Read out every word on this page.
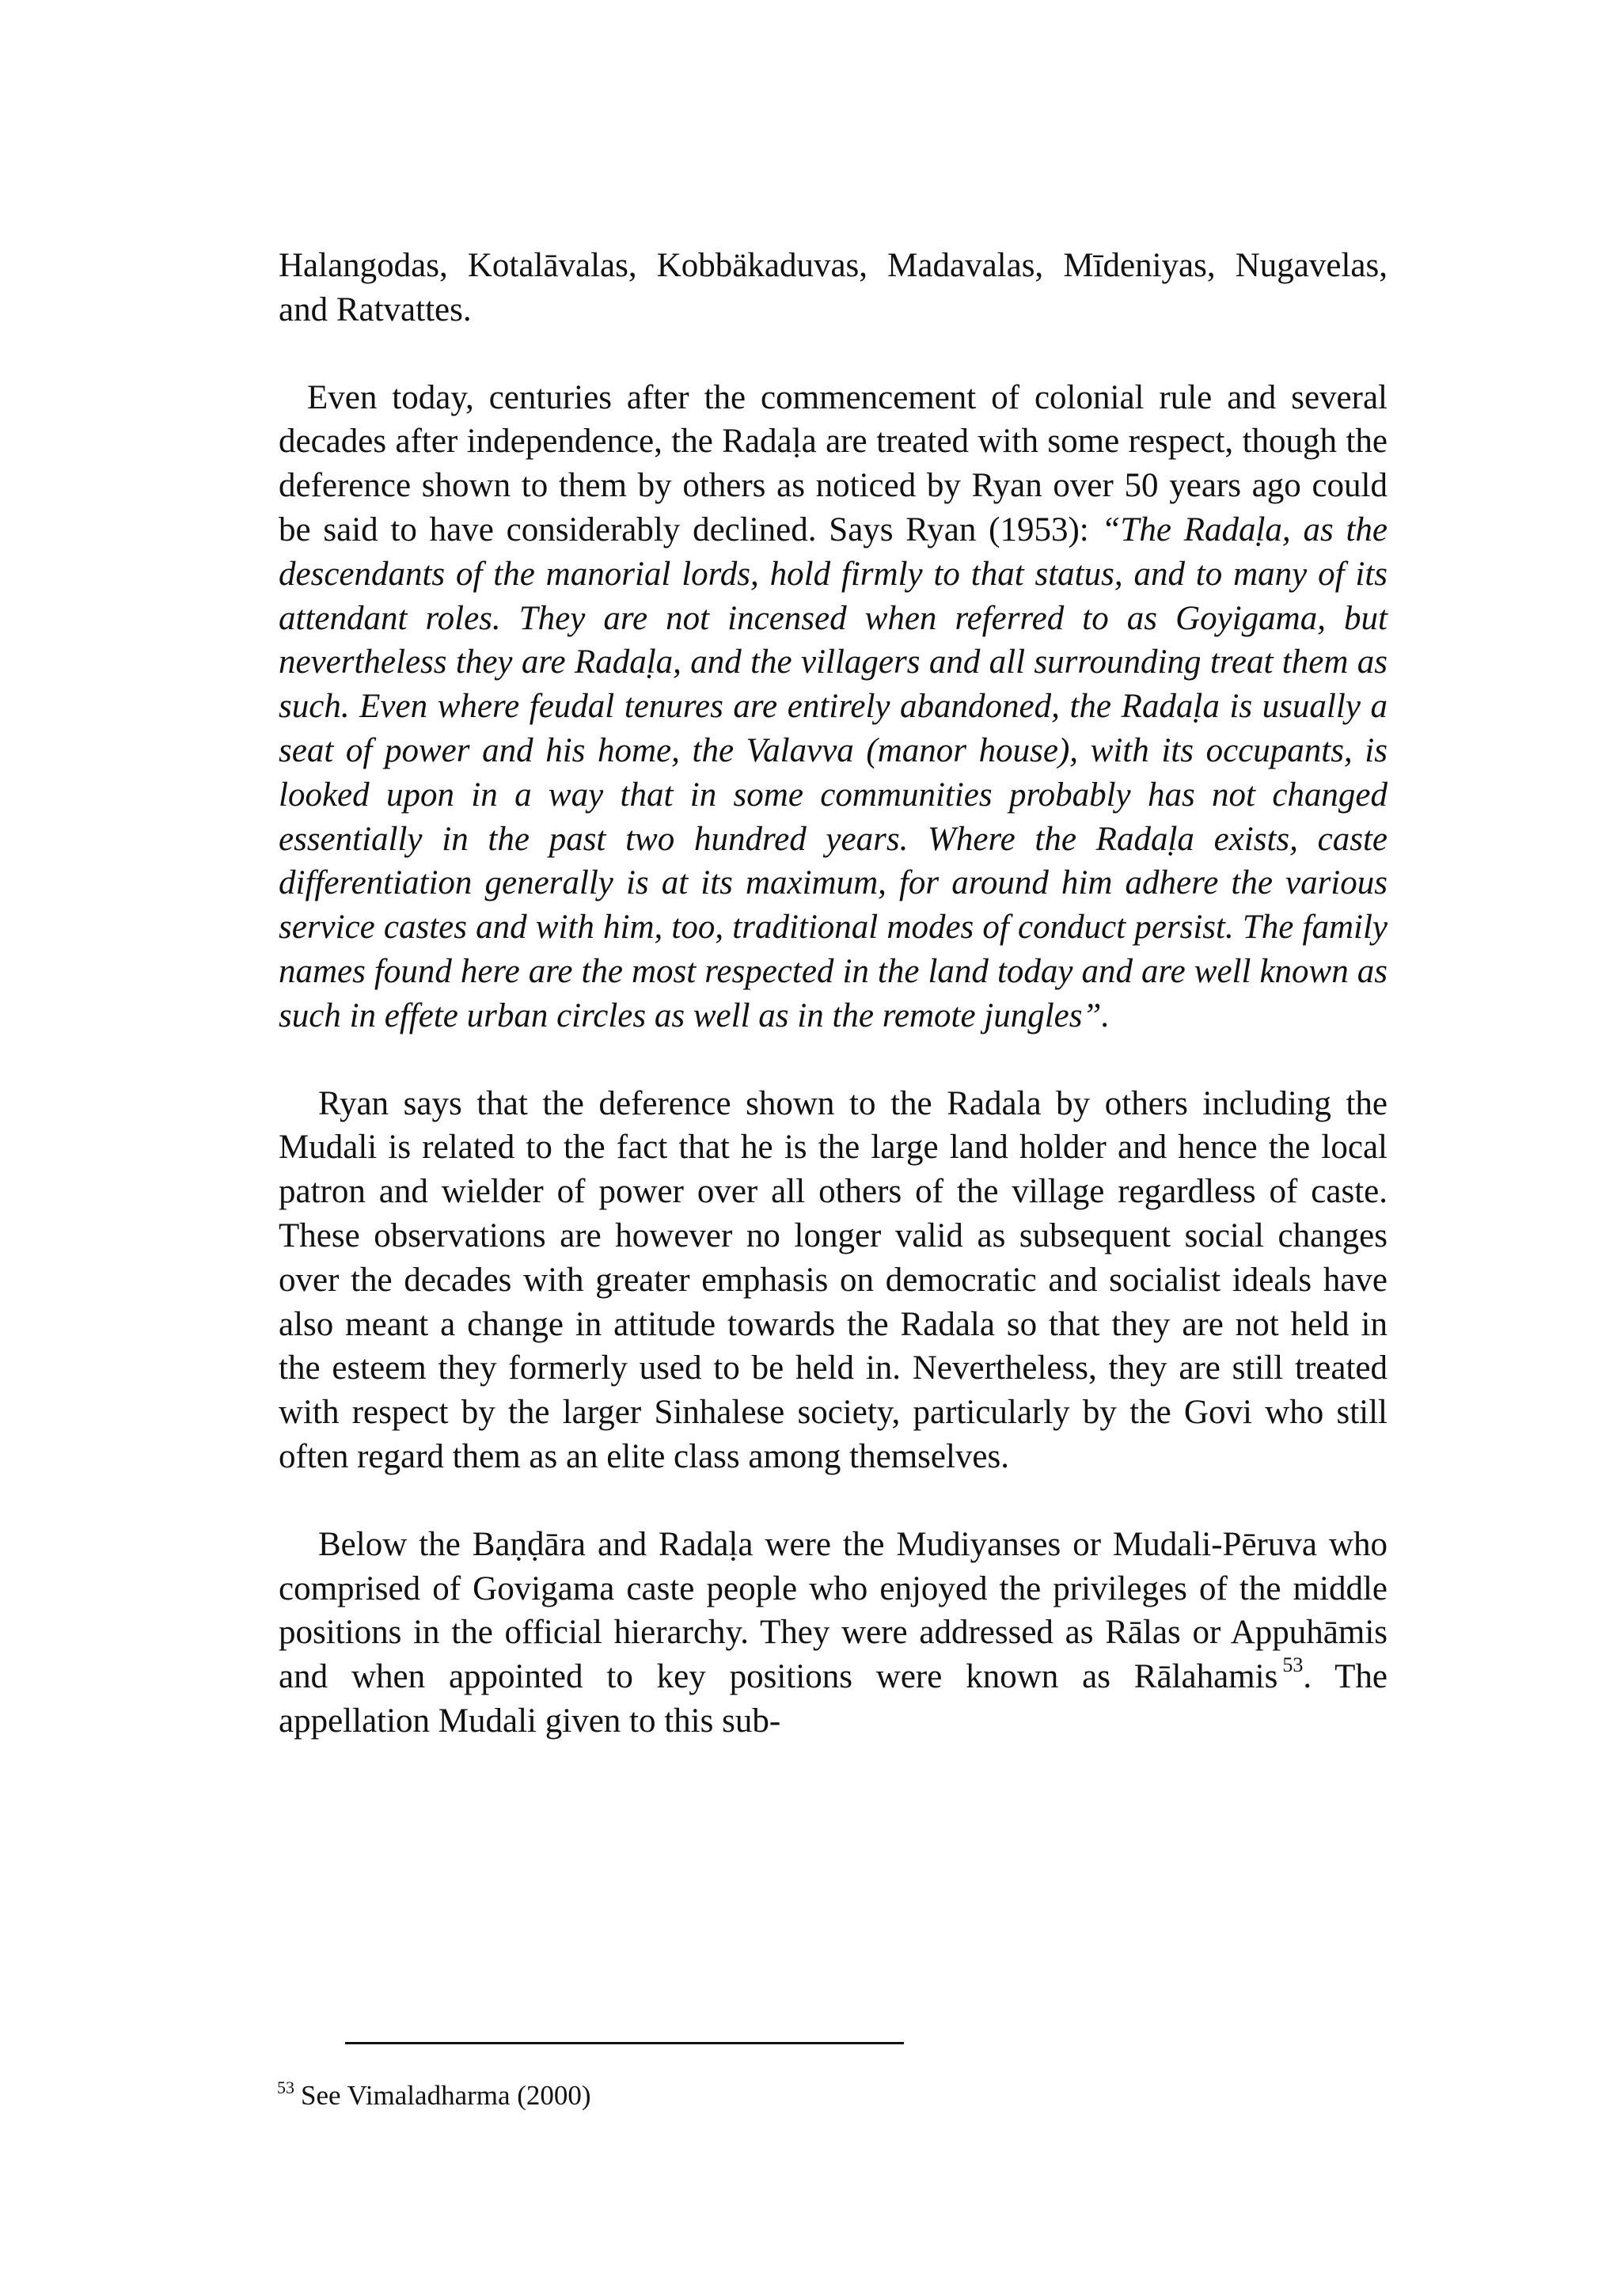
Halangodas, Kotalāvalas, Kobbäkaduvas, Madavalas, Mīdeniyas, Nugavelas, and Ratvattes.

Even today, centuries after the commencement of colonial rule and several decades after independence, the Radaḷa are treated with some respect, though the deference shown to them by others as noticed by Ryan over 50 years ago could be said to have considerably declined. Says Ryan (1953): “The Radaḷa, as the descendants of the manorial lords, hold firmly to that status, and to many of its attendant roles. They are not incensed when referred to as Goyigama, but nevertheless they are Radaḷa, and the villagers and all surrounding treat them as such. Even where feudal tenures are entirely abandoned, the Radaḷa is usually a seat of power and his home, the Valavva (manor house), with its occupants, is looked upon in a way that in some communities probably has not changed essentially in the past two hundred years. Where the Radaḷa exists, caste differentiation generally is at its maximum, for around him adhere the various service castes and with him, too, traditional modes of conduct persist. The family names found here are the most respected in the land today and are well known as such in effete urban circles as well as in the remote jungles”.

Ryan says that the deference shown to the Radala by others including the Mudali is related to the fact that he is the large land holder and hence the local patron and wielder of power over all others of the village regardless of caste. These observations are however no longer valid as subsequent social changes over the decades with greater emphasis on democratic and socialist ideals have also meant a change in attitude towards the Radala so that they are not held in the esteem they formerly used to be held in. Nevertheless, they are still treated with respect by the larger Sinhalese society, particularly by the Govi who still often regard them as an elite class among themselves.

Below the Baṇḍāra and Radaḷa were the Mudiyanses or Mudali-Pēruva who comprised of Govigama caste people who enjoyed the privileges of the middle positions in the official hierarchy. They were addressed as Rālas or Appuhāmis and when appointed to key positions were known as Rālahamis $^{53}$. The appellation Mudali given to this sub-

$^{53}$ See Vimaladharma (2000)
